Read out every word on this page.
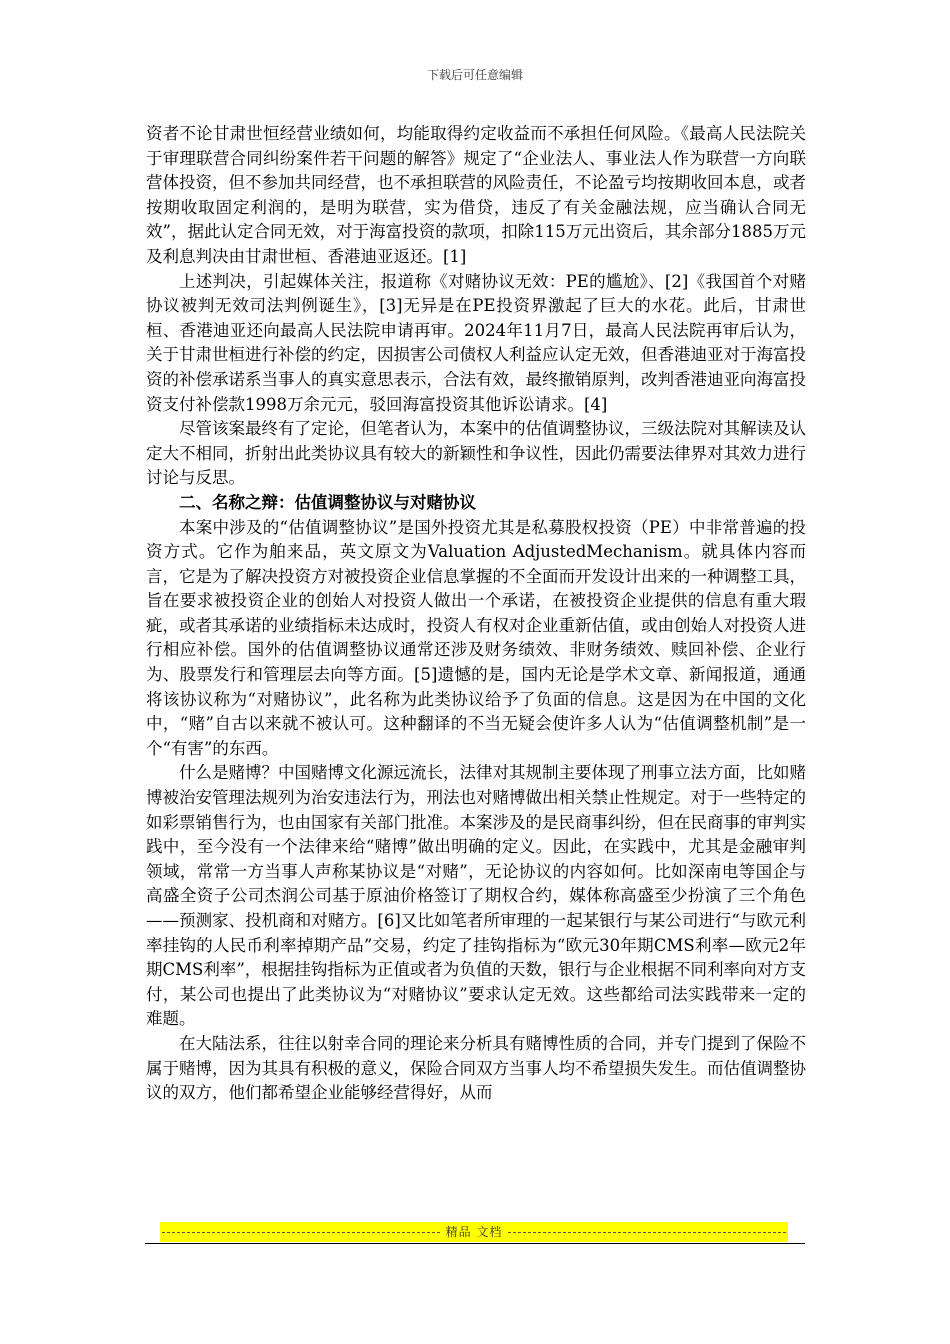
下载后可任意编辑

资者不论甘肃世恒经营业绩如何，均能取得约定收益而不承担任何风险。《最高人民法院关于审理联营合同纠纷案件若干问题的解答》规定了“企业法人、事业法人作为联营一方向联营体投资，但不参加共同经营，也不承担联营的风险责任，不论盈亏均按期收回本息，或者按期收取固定利润的，是明为联营，实为借贷，违反了有关金融法规，应当确认合同无效”，据此认定合同无效，对于海富投资的款项，扣除115万元出资后，其余部分1885万元及利息判决由甘肃世桓、香港迪亚返还。[1]

上述判决，引起媒体关注，报道称《对赌协议无效：PE的尴尬》、[2]《我国首个对赌协议被判无效司法判例诞生》，[3]无异是在PE投资界激起了巨大的水花。此后，甘肃世桓、香港迪亚还向最高人民法院申请再审。2024年11月7日，最高人民法院再审后认为，关于甘肃世桓进行补偿的约定，因损害公司债权人利益应认定无效，但香港迪亚对于海富投资的补偿承诺系当事人的真实意思表示，合法有效，最终撤销原判，改判香港迪亚向海富投资支付补偿款1998万余元元，驳回海富投资其他诉讼请求。[4]

尽管该案最终有了定论，但笔者认为，本案中的估值调整协议，三级法院对其解读及认定大不相同，折射出此类协议具有较大的新颖性和争议性，因此仍需要法律界对其效力进行讨论与反思。

二、名称之辩：估值调整协议与对赌协议

本案中涉及的“估值调整协议”是国外投资尤其是私募股权投资（PE）中非常普遍的投资方式。它作为舶来品，英文原文为Valuation AdjustedMechanism。就具体内容而言，它是为了解决投资方对被投资企业信息掌握的不全面而开发设计出来的一种调整工具，旨在要求被投资企业的创始人对投资人做出一个承诺，在被投资企业提供的信息有重大瑕疵，或者其承诺的业绩指标未达成时，投资人有权对企业重新估值，或由创始人对投资人进行相应补偿。国外的估值调整协议通常还涉及财务绩效、非财务绩效、赎回补偿、企业行为、股票发行和管理层去向等方面。[5]遗憾的是，国内无论是学术文章、新闻报道，通通将该协议称为“对赌协议”，此名称为此类协议给予了负面的信息。这是因为在中国的文化中，“赌”自古以来就不被认可。这种翻译的不当无疑会使许多人认为“估值调整机制”是一个“有害”的东西。

什么是赌博？中国赌博文化源远流长，法律对其规制主要体现了刑事立法方面，比如赌博被治安管理法规列为治安违法行为，刑法也对赌博做出相关禁止性规定。对于一些特定的如彩票销售行为，也由国家有关部门批准。本案涉及的是民商事纠纷，但在民商事的审判实践中，至今没有一个法律来给“赌博”做出明确的定义。因此，在实践中，尤其是金融审判领域，常常一方当事人声称某协议是“对赌”，无论协议的内容如何。比如深南电等国企与高盛全资子公司杰润公司基于原油价格签订了期权合约，媒体称高盛至少扮演了三个角色——预测家、投机商和对赌方。[6]又比如笔者所审理的一起某银行与某公司进行“与欧元利率挂钩的人民币利率掉期产品”交易，约定了挂钩指标为“欧元30年期CMS利率—欧元2年期CMS利率”，根据挂钩指标为正值或者为负值的天数，银行与企业根据不同利率向对方支付，某公司也提出了此类协议为“对赌协议”要求认定无效。这些都给司法实践带来一定的难题。

在大陆法系，往往以射幸合同的理论来分析具有赌博性质的合同，并专门提到了保险不属于赌博，因为其具有积极的意义，保险合同双方当事人均不希望损失发生。而估值调整协议的双方，他们都希望企业能够经营得好，从而

精品 文档
